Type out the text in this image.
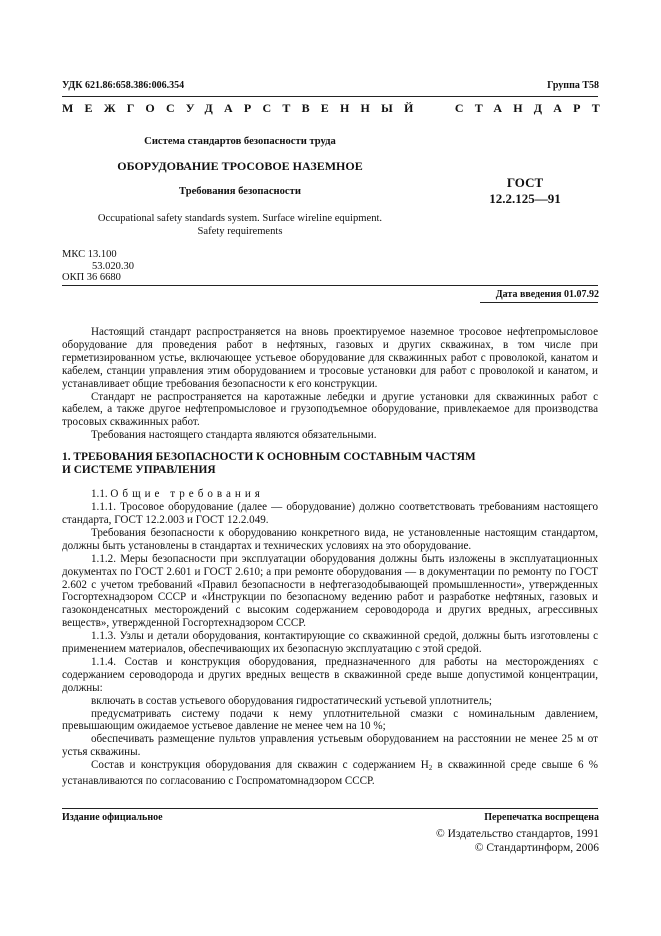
УДК 621.86:658.386:006.354	Группа Т58
МЕЖГОСУДАРСТВЕННЫЙ	СТАНДАРТ
Система стандартов безопасности труда
ОБОРУДОВАНИЕ ТРОСОВОЕ НАЗЕМНОЕ
Требования безопасности
Occupational safety standards system. Surface wireline equipment.
Safety requirements
ГОСТ
12.2.125—91
МКС 13.100
53.020.30
ОКП 36 6680
Дата введения 01.07.92

Настоящий стандарт распространяется на вновь проектируемое наземное тросовое нефтепромысловое оборудование для проведения работ в нефтяных, газовых и других скважинах, в том числе при герметизированном устье, включающее устьевое оборудование для скважинных работ с проволокой, канатом и кабелем, станции управления этим оборудованием и тросовые установки для работ с проволокой и канатом, и устанавливает общие требования безопасности к его конструкции.

Стандарт не распространяется на каротажные лебедки и другие установки для скважинных работ с кабелем, а также другое нефтепромысловое и грузоподъемное оборудование, привлекаемое для производства тросовых скважинных работ.

Требования настоящего стандарта являются обязательными.

1. ТРЕБОВАНИЯ БЕЗОПАСНОСТИ К ОСНОВНЫМ СОСТАВНЫМ ЧАСТЯМ
И СИСТЕМЕ УПРАВЛЕНИЯ

1.1. Общие требования

1.1.1. Тросовое оборудование (далее — оборудование) должно соответствовать требованиям настоящего стандарта, ГОСТ 12.2.003 и ГОСТ 12.2.049.

Требования безопасности к оборудованию конкретного вида, не установленные настоящим стандартом, должны быть установлены в стандартах и технических условиях на это оборудование.

1.1.2. Меры безопасности при эксплуатации оборудования должны быть изложены в эксплуатационных документах по ГОСТ 2.601 и ГОСТ 2.610; а при ремонте оборудования — в документации по ремонту по ГОСТ 2.602 с учетом требований «Правил безопасности в нефтегазодобывающей промышленности», утвержденных Госгортехнадзором СССР и «Инструкции по безопасному ведению работ и разработке нефтяных, газовых и газоконденсатных месторождений с высоким содержанием сероводорода и других вредных, агрессивных веществ», утвержденной Госгортехнадзором СССР.

1.1.3. Узлы и детали оборудования, контактирующие со скважинной средой, должны быть изготовлены с применением материалов, обеспечивающих их безопасную эксплуатацию с этой средой.

1.1.4. Состав и конструкция оборудования, предназначенного для работы на месторождениях с содержанием сероводорода и других вредных веществ в скважинной среде выше допустимой концентрации, должны:

включать в состав устьевого оборудования гидростатический устьевой уплотнитель;

предусматривать систему подачи к нему уплотнительной смазки с номинальным давлением, превышающим ожидаемое устьевое давление не менее чем на 10 %;

обеспечивать размещение пультов управления устьевым оборудованием на расстоянии не менее 25 м от устья скважины.

Состав и конструкция оборудования для скважин с содержанием $H_2$ в скважинной среде свыше 6 % устанавливаются по согласованию с Госпроматомнадзором СССР.

Издание официальное	Перепечатка воспрещена
© Издательство стандартов, 1991
© Стандартинформ, 2006
